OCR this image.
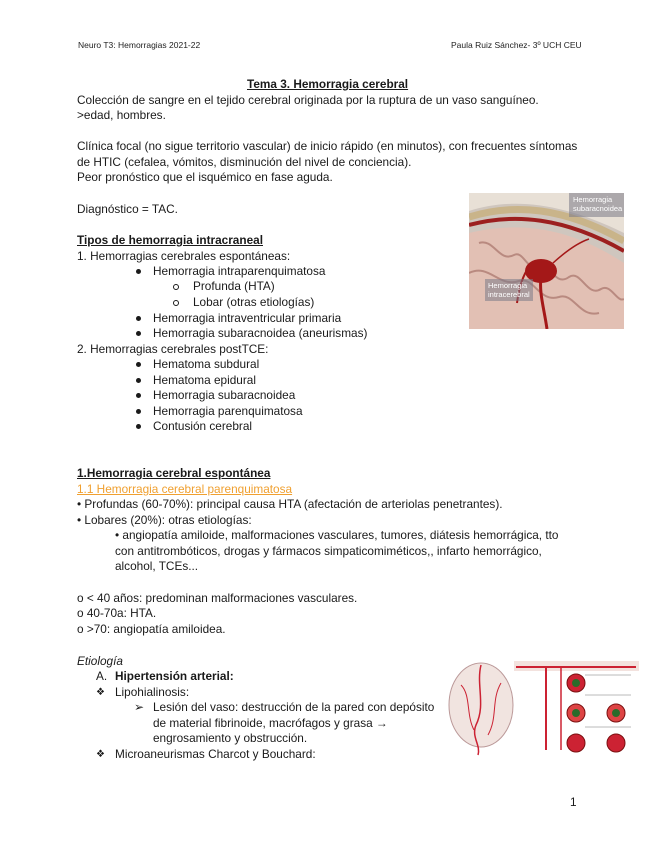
Neuro T3: Hemorragias 2021-22	Paula Ruiz Sánchez- 3º UCH CEU
Tema 3. Hemorragia cerebral
Colección de sangre en el tejido cerebral originada por la ruptura de un vaso sanguíneo.
>edad, hombres.
Clínica focal (no sigue territorio vascular) de inicio rápido (en minutos), con frecuentes síntomas
de HTIC (cefalea, vómitos, disminución del nivel de conciencia).
Peor pronóstico que el isquémico en fase aguda.
Diagnóstico = TAC.
Tipos de hemorragia intracraneal
1. Hemorragias cerebrales espontáneas:
Hemorragia intraparenquimatosa
Profunda (HTA)
Lobar (otras etiologías)
Hemorragia intraventricular primaria
Hemorragia subaracnoidea (aneurismas)
2. Hemorragias cerebrales postTCE:
Hematoma subdural
Hematoma epidural
Hemorragia subaracnoidea
Hemorragia parenquimatosa
Contusión cerebral
Hemorragia subaracnoidea
Hemorragia intracerebral
1.Hemorragia cerebral espontánea
1.1 Hemorragia cerebral parenquimatosa
• Profundas (60-70%): principal causa HTA (afectación de arteriolas penetrantes).
• Lobares (20%): otras etiologías:
• angiopatía amiloide, malformaciones vasculares, tumores, diátesis hemorrágica, tto
con antitrombóticos, drogas y fármacos simpaticomiméticos,, infarto hemorrágico,
alcohol, TCEs...
o < 40 años: predominan malformaciones vasculares.
o 40-70a: HTA.
o >70: angiopatía amiloidea.
Etiología
A. Hipertensión arterial:
❖ Lipohialinosis:
➢ Lesión del vaso: destrucción de la pared con depósito
de material fibrinoide, macrófagos y grasa →
engrosamiento y obstrucción.
❖ Microaneurismas Charcot y Bouchard:
1
